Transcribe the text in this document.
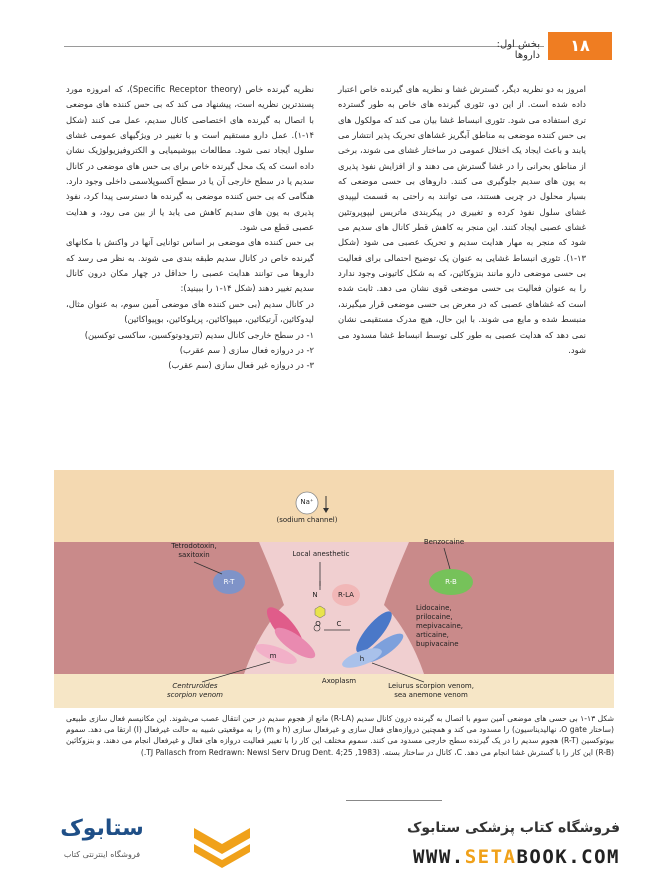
بخش اول: داروها
۱۸

امروز به دو نظریه دیگر، گسترش غشا و نظریه های گیرنده خاص اعتبار داده شده است. از این دو، تئوری گیرنده های خاص به طور گسترده تری استفاده می شود. تئوری انبساط غشا بیان می کند که مولکول های بی حس کننده موضعی به مناطق آبگریز غشاهای تحریک پذیر انتشار می یابند و باعث ایجاد یک اختلال عمومی در ساختار غشای می شوند، برخی از مناطق بحرانی را در غشا گسترش می دهند و از افزایش نفوذ پذیری به یون های سدیم جلوگیری می کنند. داروهای بی حسی موضعی که بسیار محلول در چربی هستند، می توانند به راحتی به قسمت لیپیدی غشای سلول نفوذ کرده و تغییری در پیکربندی ماتریس لیپوپروتئین غشای عصبی ایجاد کنند. این منجر به کاهش قطر کانال های سدیم می شود که منجر به مهار هدایت سدیم و تحریک عصبی می شود (شکل ۱۳-۱). تئوری انبساط غشایی به عنوان یک توضیح احتمالی برای فعالیت بی حسی موضعی دارو مانند بنزوکائین، که به شکل کاتیونی وجود ندارد را به عنوان فعالیت بی حسی موضعی قوی نشان می دهد. ثابت شده است که غشاهای عصبی که در معرض بی حسی موضعی قرار میگیرند، منبسط شده و مایع می شوند. با این حال، هیچ مدرک مستقیمی نشان نمی دهد که هدایت عصبی به طور کلی توسط انبساط غشا مسدود می شود.

نظریه گیرنده خاص (Specific Receptor theory)، که امروزه مورد پسندترین نظریه است، پیشنهاد می کند که بی حس کننده های موضعی با اتصال به گیرنده های اختصاصی کانال سدیم، عمل می کنند (شکل ۱۴-۱). عمل دارو مستقیم است و با تغییر در ویژگیهای عمومی غشای سلول ایجاد نمی شود. مطالعات بیوشیمیایی و الکتروفیزیولوژیک نشان داده است که یک محل گیرنده خاص برای بی حس های موضعی در کانال سدیم یا در سطح خارجی آن یا در سطح آکسوپلاسمی داخلی وجود دارد. هنگامی که بی حس کننده موضعی به گیرنده ها دسترسی پیدا کرد، نفوذ پذیری به یون های سدیم کاهش می یابد یا از بین می رود، و هدایت عصبی قطع می شود.

بی حس کننده های موضعی بر اساس توانایی آنها در واکنش با مکانهای گیرنده خاص در کانال سدیم طبقه بندی می شوند. به نظر می رسد که داروها می توانند هدایت عصبی را حداقل در چهار مکان درون کانال سدیم تغییر دهند (شکل ۱۴-۱ را ببینید):

در کانال سدیم (بی حس کننده های موضعی آمین سوم، به عنوان مثال، لیدوکائین، آرتیکائین، مپیواکائین، پریلوکائین، بوپیواکائین)

۱- در سطح خارجی کانال سدیم (تترودوتوکسین، ساکسی توکسین)

۲- در دروازه فعال سازی ( سم عقرب)

۳- در دروازه غیر فعال سازی (سم عقرب)

Na⁺
(sodium channel)
Tetrodotoxin,
saxitoxin	Local anesthetic
Benzocaine
R-T	R-B
R-LA
I
N
O	C
h
m
Lidocaine,
prilocaine,
mepivacaine,
articaine,
bupivacaine
Axoplasm
Centruroides
scorpion venom
Leiurus scorpion venom,
sea anemone venom
شکل ۱۳-۱ بی حسی های موضعی آمین سوم با اتصال به گیرنده درون کانال سدیم (R-LA) مانع از هجوم سدیم در حین انتقال عصب می‌شوند. این مکانیسم فعال سازی طبیعی (ساختار O gate، نهالیدیناسیون) را مسدود می کند و همچنین دروازه‌های فعال سازی و غیرفعال سازی (h و m) را به موقعیتی شبیه به حالت غیرفعال (I) ارتقا می دهد. سموم بیوتوکسین (R-T) هجوم سدیم را در یک گیرنده سطح خارجی مسدود می کنند. سموم مختلف این کار را با تغییر فعالیت دروازه های فعال و غیرفعال انجام می دهند. و بنزوکائین (R-B) این کار را با گسترش غشا انجام می دهد. C، کانال در ساختار بسته. (TJ Pallasch from Redrawn: Newsl Serv Drug Dent. 4;25 ,1983.)
ستابوک
فروشگاه اینترنتی کتاب
فروشگاه کتاب پزشکی ستابوک
WWW.SETABOOK.COM
